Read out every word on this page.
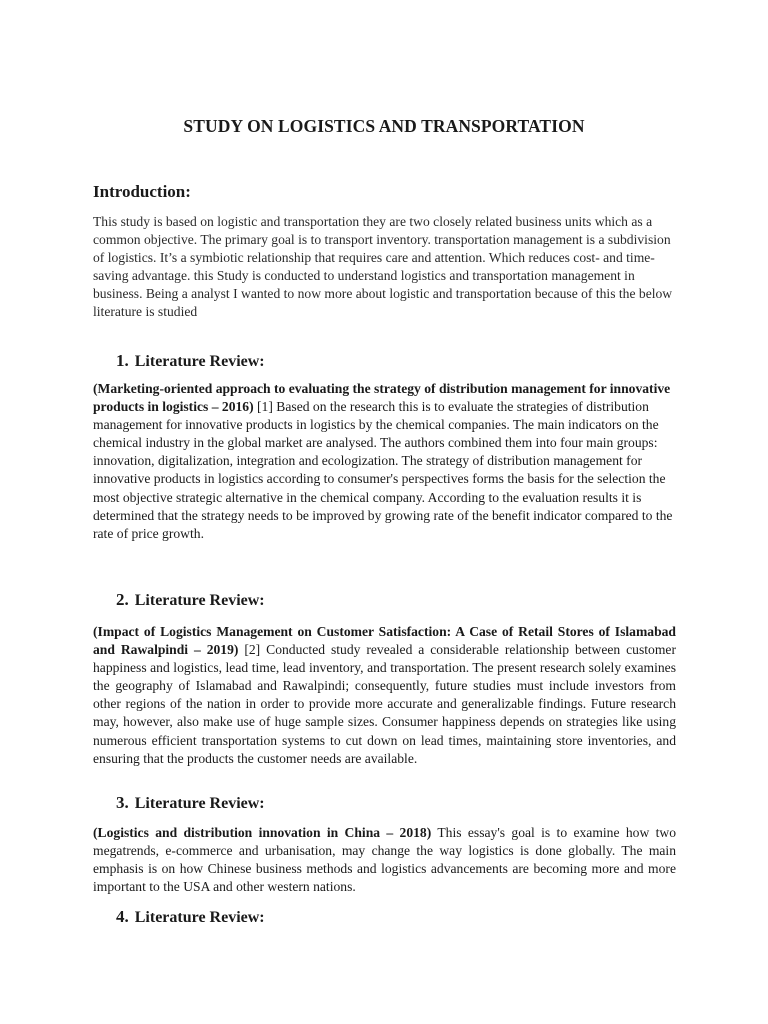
STUDY ON LOGISTICS AND TRANSPORTATION
Introduction:

This study is based on logistic and transportation they are two closely related business units which as a common objective. The primary goal is to transport inventory. transportation management is a subdivision of logistics. It’s a symbiotic relationship that requires care and attention. Which reduces cost- and time-saving advantage. this Study is conducted to understand logistics and transportation management in business. Being a analyst I wanted to now more about logistic and transportation because of this the below literature is studied

1. Literature Review:

(Marketing-oriented approach to evaluating the strategy of distribution management for innovative products in logistics – 2016) [1] Based on the research this is to evaluate the strategies of distribution management for innovative products in logistics by the chemical companies. The main indicators on the chemical industry in the global market are analysed. The authors combined them into four main groups: innovation, digitalization, integration and ecologization. The strategy of distribution management for innovative products in logistics according to consumer's perspectives forms the basis for the selection the most objective strategic alternative in the chemical company. According to the evaluation results it is determined that the strategy needs to be improved by growing rate of the benefit indicator compared to the rate of price growth.

2. Literature Review:

(Impact of Logistics Management on Customer Satisfaction: A Case of Retail Stores of Islamabad and Rawalpindi – 2019) [2] Conducted study revealed a considerable relationship between customer happiness and logistics, lead time, lead inventory, and transportation. The present research solely examines the geography of Islamabad and Rawalpindi; consequently, future studies must include investors from other regions of the nation in order to provide more accurate and generalizable findings. Future research may, however, also make use of huge sample sizes. Consumer happiness depends on strategies like using numerous efficient transportation systems to cut down on lead times, maintaining store inventories, and ensuring that the products the customer needs are available.

3. Literature Review:

(Logistics and distribution innovation in China – 2018) This essay's goal is to examine how two megatrends, e-commerce and urbanisation, may change the way logistics is done globally. The main emphasis is on how Chinese business methods and logistics advancements are becoming more and more important to the USA and other western nations.

4. Literature Review:
